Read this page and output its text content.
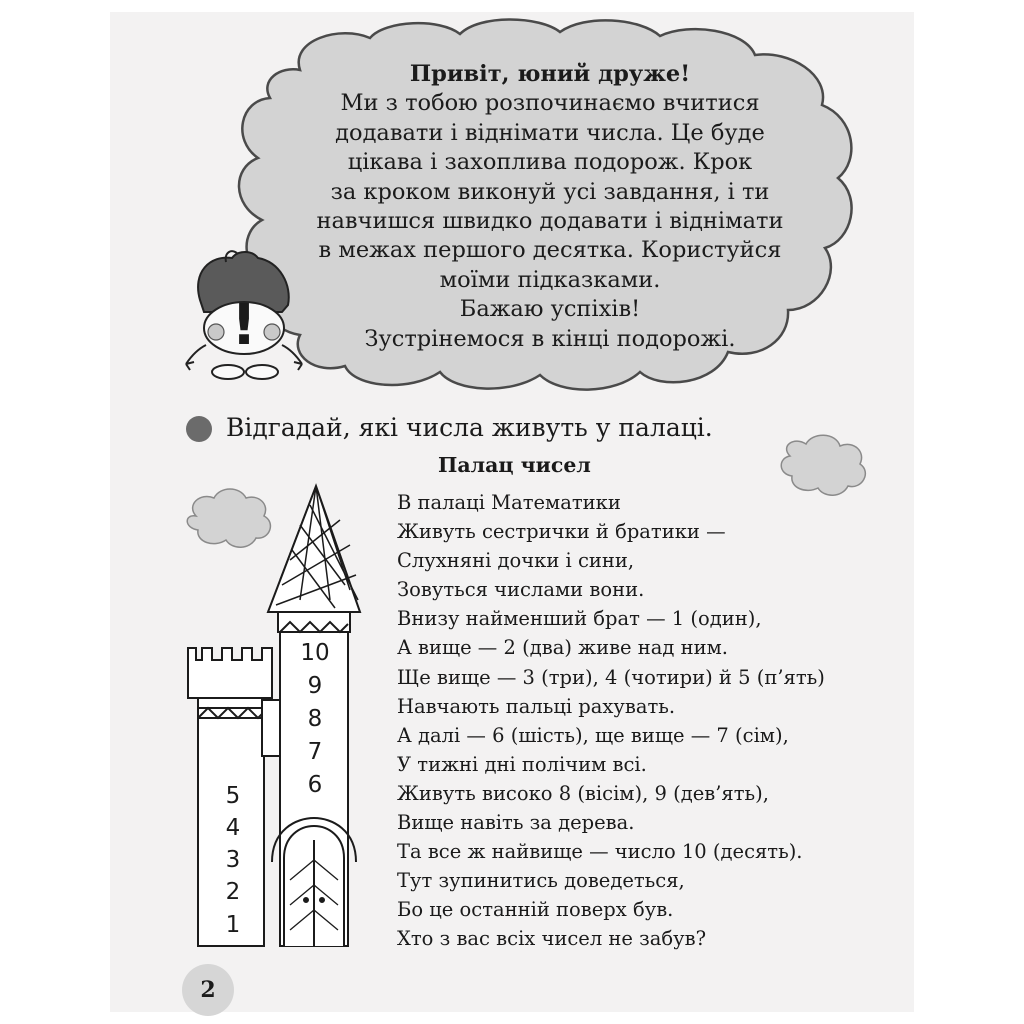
5
4
3
2
1
10
9
8
7
6
!
Привіт, юний друже!
Ми з тобою розпочинаємо вчитися
додавати і віднімати числа. Це буде
цікава і захоплива подорож. Крок
за кроком виконуй усі завдання, і ти
навчишся швидко додавати і віднімати
в межах першого десятка. Користуйся
моїми підказками.
Бажаю успіхів!
Зустрінемося в кінці подорожі.
Відгадай, які числа живуть у палаці.
Палац чисел
В палаці Математики
Живуть сестрички й братики —
Слухняні дочки і сини,
Зовуться числами вони.
Внизу найменший брат — 1 (один),
А вище — 2 (два) живе над ним.
Ще вище — 3 (три), 4 (чотири) й 5 (п’ять)
Навчають пальці рахувать.
А далі — 6 (шість), ще вище — 7 (сім),
У тижні дні полічим всі.
Живуть високо 8 (вісім), 9 (дев’ять),
Вище навіть за дерева.
Та все ж найвище — число 10 (десять).
Тут зупинитись доведеться,
Бо це останній поверх був.
Хто з вас всіх чисел не забув?
2
